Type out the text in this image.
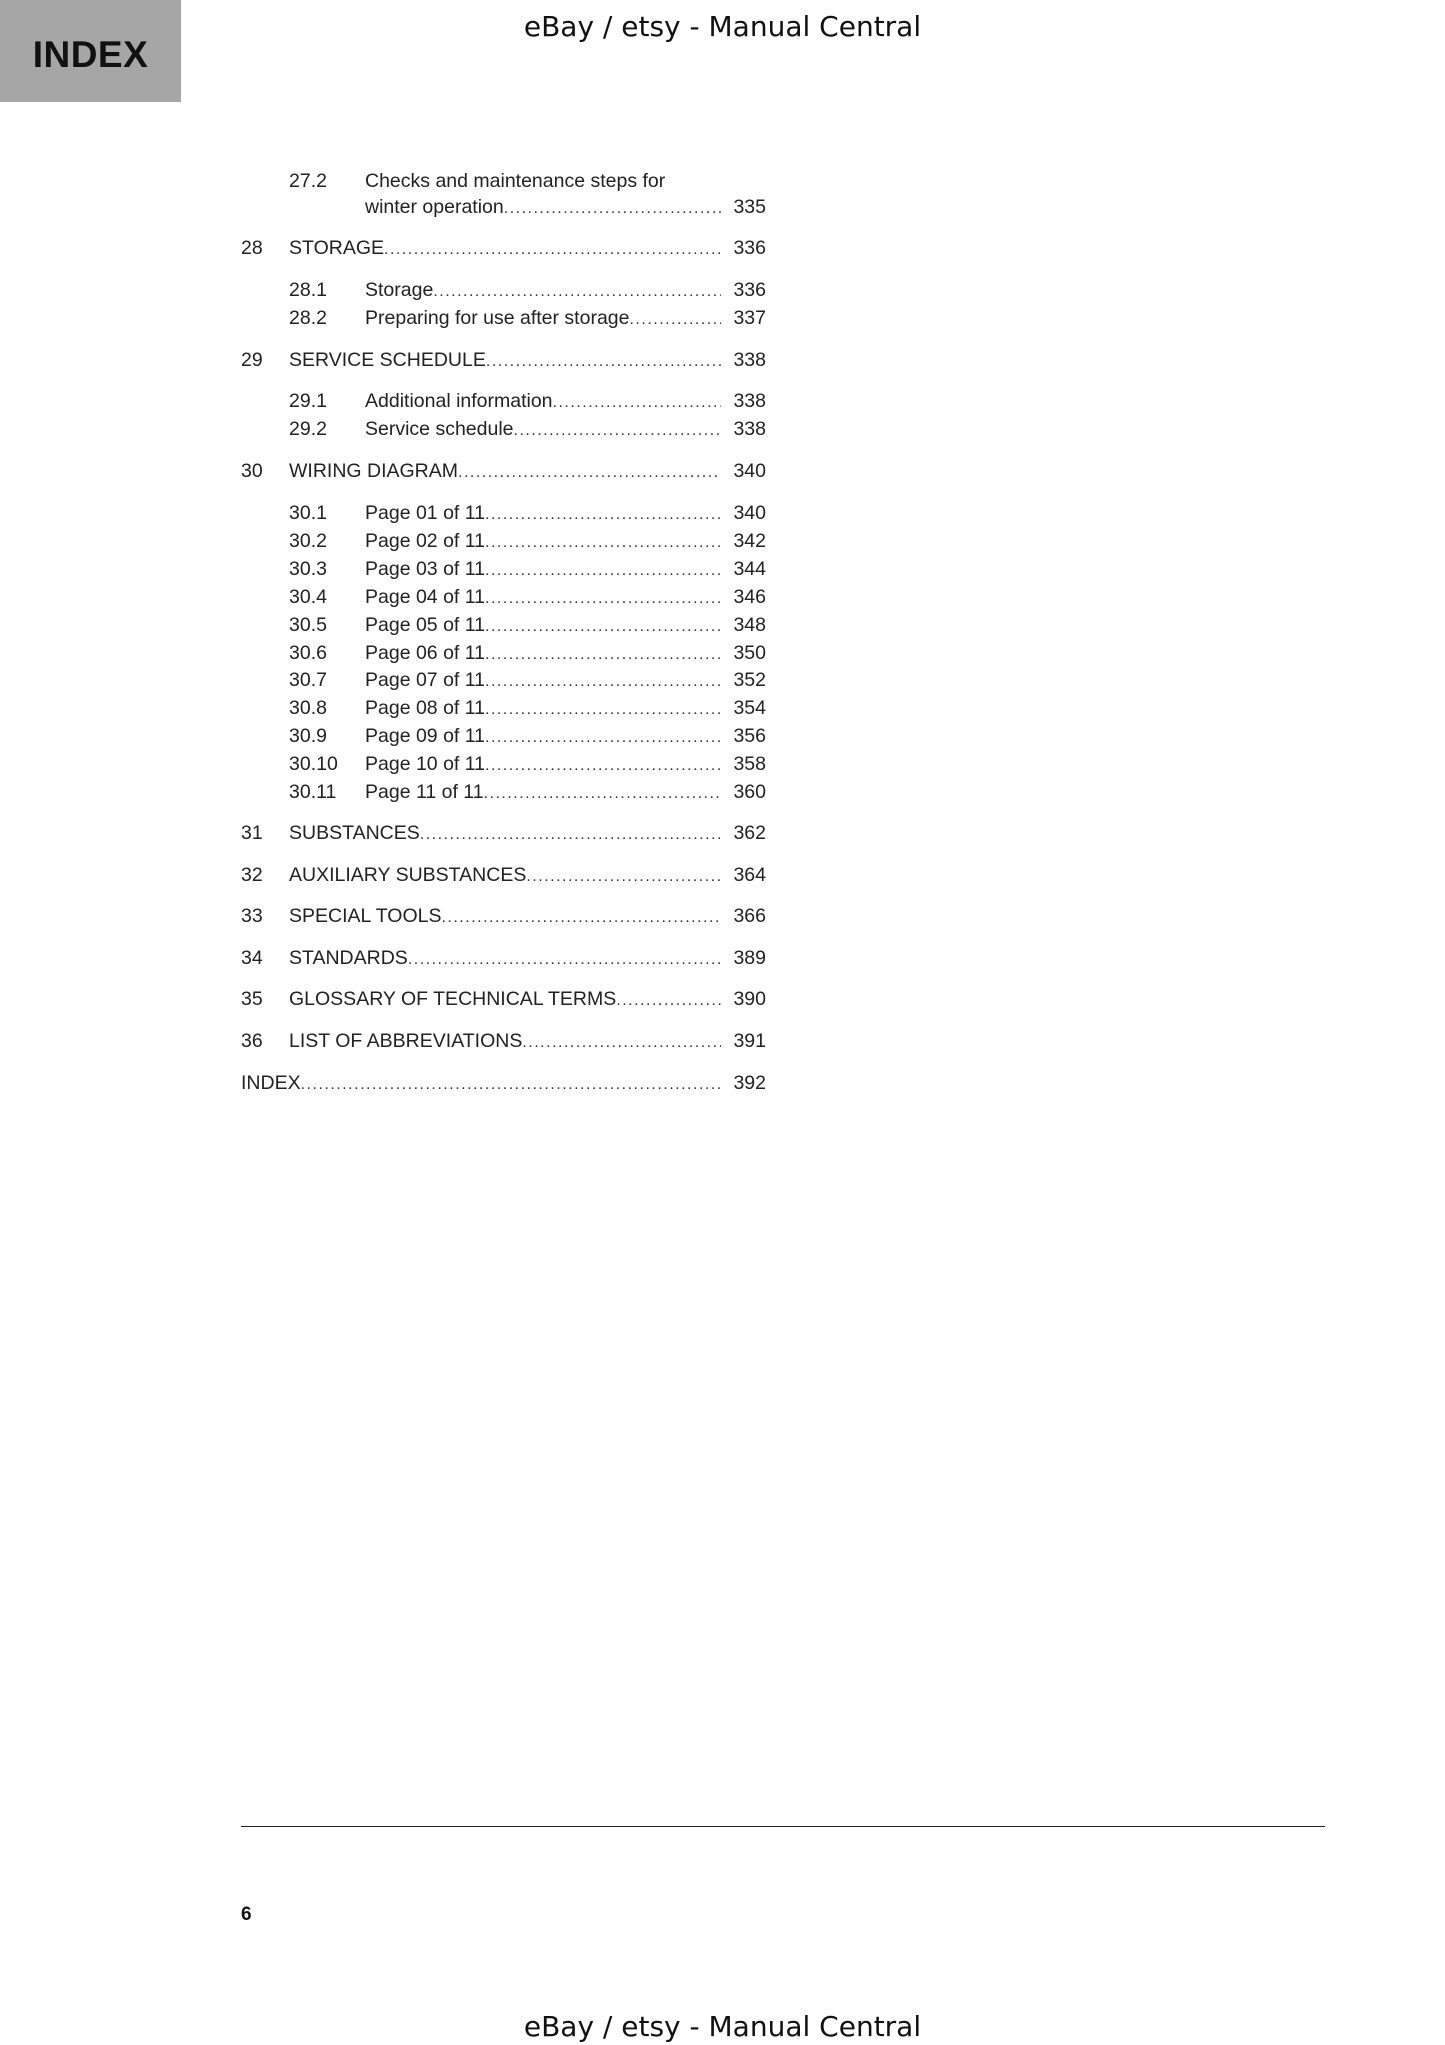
INDEX
eBay / etsy - Manual Central
27.2 Checks and maintenance steps for
winter operation .....	335
28 STORAGE .....	336
28.1 Storage .....	336
28.2 Preparing for use after storage .....	337
29 SERVICE SCHEDULE .....	338
29.1 Additional information .....	338
29.2 Service schedule .....	338
30 WIRING DIAGRAM .....	340
30.1 Page 01 of 11 .....	340
30.2 Page 02 of 11 .....	342
30.3 Page 03 of 11 .....	344
30.4 Page 04 of 11 .....	346
30.5 Page 05 of 11 .....	348
30.6 Page 06 of 11 .....	350
30.7 Page 07 of 11 .....	352
30.8 Page 08 of 11 .....	354
30.9 Page 09 of 11 .....	356
30.10 Page 10 of 11 .....	358
30.11 Page 11 of 11 .....	360
31 SUBSTANCES .....	362
32 AUXILIARY SUBSTANCES .....	364
33 SPECIAL TOOLS .....	366
34 STANDARDS .....	389
35 GLOSSARY OF TECHNICAL TERMS .....	390
36 LIST OF ABBREVIATIONS .....	391
INDEX .....	392
6
eBay / etsy - Manual Central
